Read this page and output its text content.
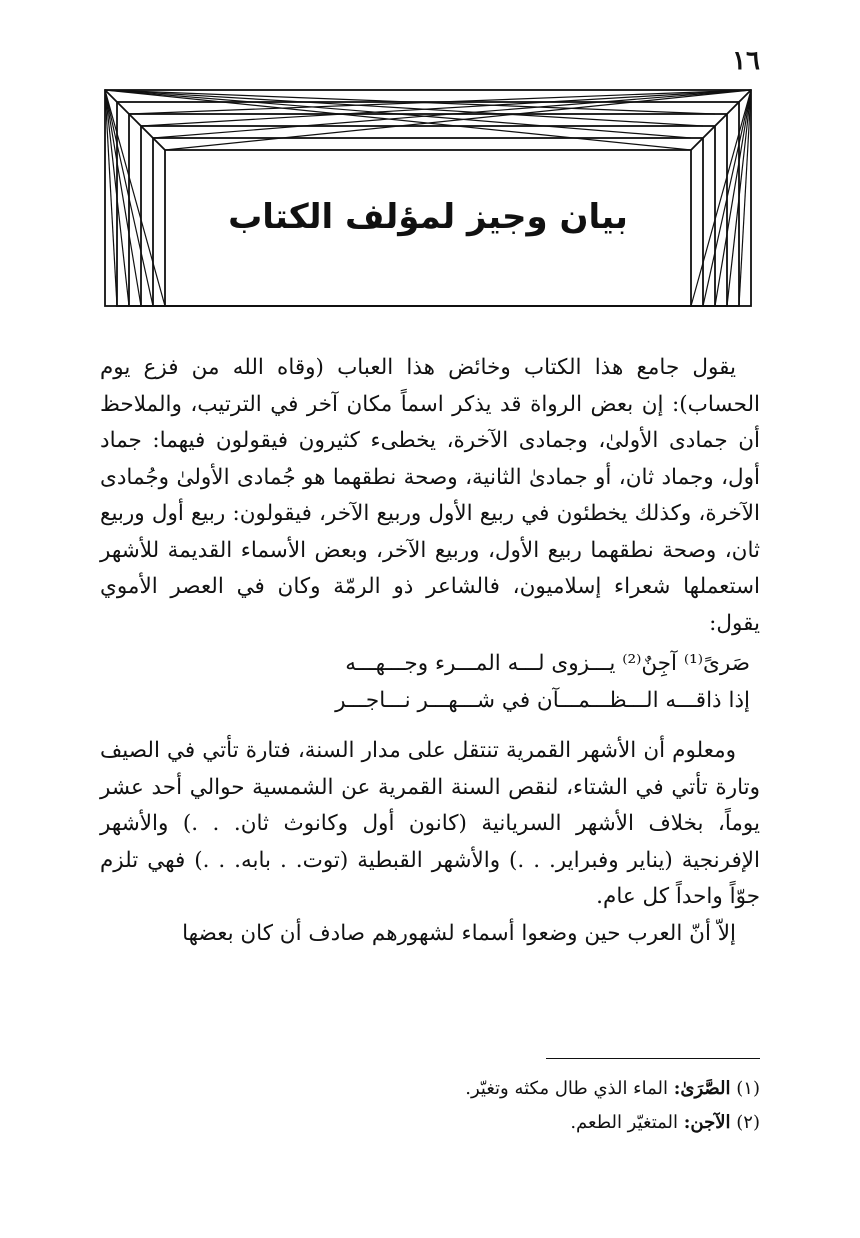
١٦

بيان وجيز لمؤلف الكتاب

يقول جامع هذا الكتاب وخائض هذا العباب (وقاه الله من فزع يوم الحساب): إن بعض الرواة قد يذكر اسماً مكان آخر في الترتيب، والملاحظ أن جمادى الأولىٰ، وجمادى الآخرة، يخطىء كثيرون فيقولون فيهما: جماد أول، وجماد ثان، أو جمادىٰ الثانية، وصحة نطقهما هو جُمادى الأولىٰ وجُمادى الآخرة، وكذلك يخطئون في ربيع الأول وربيع الآخر، فيقولون: ربيع أول وربيع ثان، وصحة نطقهما ربيع الأول، وربيع الآخر، وبعض الأسماء القديمة للأشهر استعملها شعراء إسلاميون، فالشاعر ذو الرمّة وكان في العصر الأموي يقول:

صَرىً⁽¹⁾ آجِنٌ⁽²⁾ يـــزوى لـــه المـــرء وجـــهـــه
إذا ذاقـــه الـــظـــمـــآن في شـــهـــر نـــاجـــر

ومعلوم أن الأشهر القمرية تنتقل على مدار السنة، فتارة تأتي في الصيف وتارة تأتي في الشتاء، لنقص السنة القمرية عن الشمسية حوالي أحد عشر يوماً، بخلاف الأشهر السريانية (كانون أول وكانوث ثان. . .) والأشهر الإفرنجية (يناير وفبراير. . .) والأشهر القبطية (توت. . بابه. . .) فهي تلزم جوّاً واحداً كل عام.

إلاّ أنّ العرب حين وضعوا أسماء لشهورهم صادف أن كان بعضها

(١) الصَّرَىٰ: الماء الذي طال مكثه وتغيّر.
(٢) الآجن: المتغيّر الطعم.
